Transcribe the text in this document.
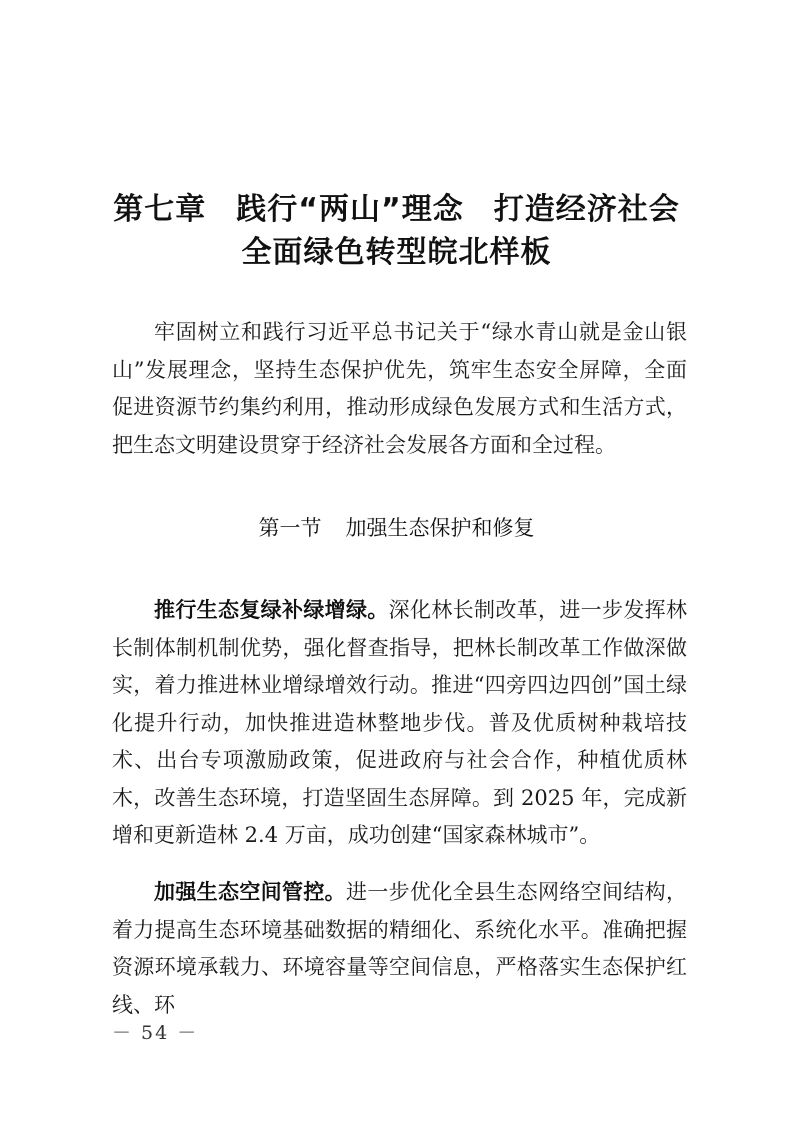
第七章 践行“两山”理念 打造经济社会
全面绿色转型皖北样板

牢固树立和践行习近平总书记关于“绿水青山就是金山银山”发展理念，坚持生态保护优先，筑牢生态安全屏障，全面促进资源节约集约利用，推动形成绿色发展方式和生活方式，把生态文明建设贯穿于经济社会发展各方面和全过程。

第一节 加强生态保护和修复

推行生态复绿补绿增绿。深化林长制改革，进一步发挥林长制体制机制优势，强化督查指导，把林长制改革工作做深做实，着力推进林业增绿增效行动。推进“四旁四边四创”国土绿化提升行动，加快推进造林整地步伐。普及优质树种栽培技术、出台专项激励政策，促进政府与社会合作，种植优质林木，改善生态环境，打造坚固生态屏障。到 2025 年，完成新增和更新造林 2.4 万亩，成功创建“国家森林城市”。

加强生态空间管控。进一步优化全县生态网络空间结构，着力提高生态环境基础数据的精细化、系统化水平。准确把握资源环境承载力、环境容量等空间信息，严格落实生态保护红线、环

－ 54 －
